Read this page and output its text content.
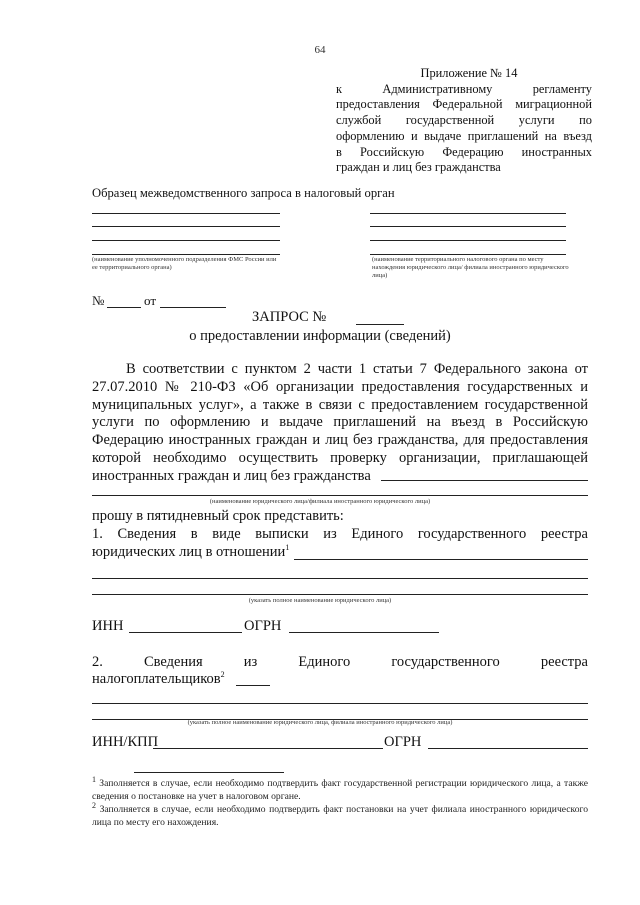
64
Приложение № 14
к Административному регламенту
предоставления Федеральной миграционной
службой государственной услуги по
оформлению и выдаче приглашений на въезд
в Российскую Федерацию иностранных
граждан и лиц без гражданства
Образец межведомственного запроса в налоговый орган
(наименование уполномоченного подразделения ФМС России или ее территориального органа)
(наименование территориального налогового органа по месту нахождения юридического лица/ филиала иностранного юридического лица)
№	от
ЗАПРОС №
о предоставлении информации (сведений)
В соответствии с пунктом 2 части 1 статьи 7 Федерального закона от
27.07.2010 № 210-ФЗ «Об организации предоставления государственных и
муниципальных услуг», а также в связи с предоставлением государственной
услуги по оформлению и выдаче приглашений на въезд в Российскую
Федерацию иностранных граждан и лиц без гражданства, для предоставления
которой необходимо осуществить проверку организации, приглашающей
иностранных граждан и лиц без гражданства
(наименование юридического лица/филиала иностранного юридического лица)
прошу в пятидневный срок представить:
1. Сведения в виде выписки из Единого государственного реестра
юридических лиц в отношении$^1$
(указать полное наименование юридического лица)
ИНН	ОГРН
2. Сведения из Единого государственного реестра
налогоплательщиков$^2$
(указать полное наименование юридического лица, филиала иностранного юридического лица)
ИНН/КПП	ОГРН
$^1$ Заполняется в случае, если необходимо подтвердить факт государственной регистрации юридического лица, а также сведения о постановке на учет в налоговом органе.
$^2$ Заполняется в случае, если необходимо подтвердить факт постановки на учет филиала иностранного юридического лица по месту его нахождения.
